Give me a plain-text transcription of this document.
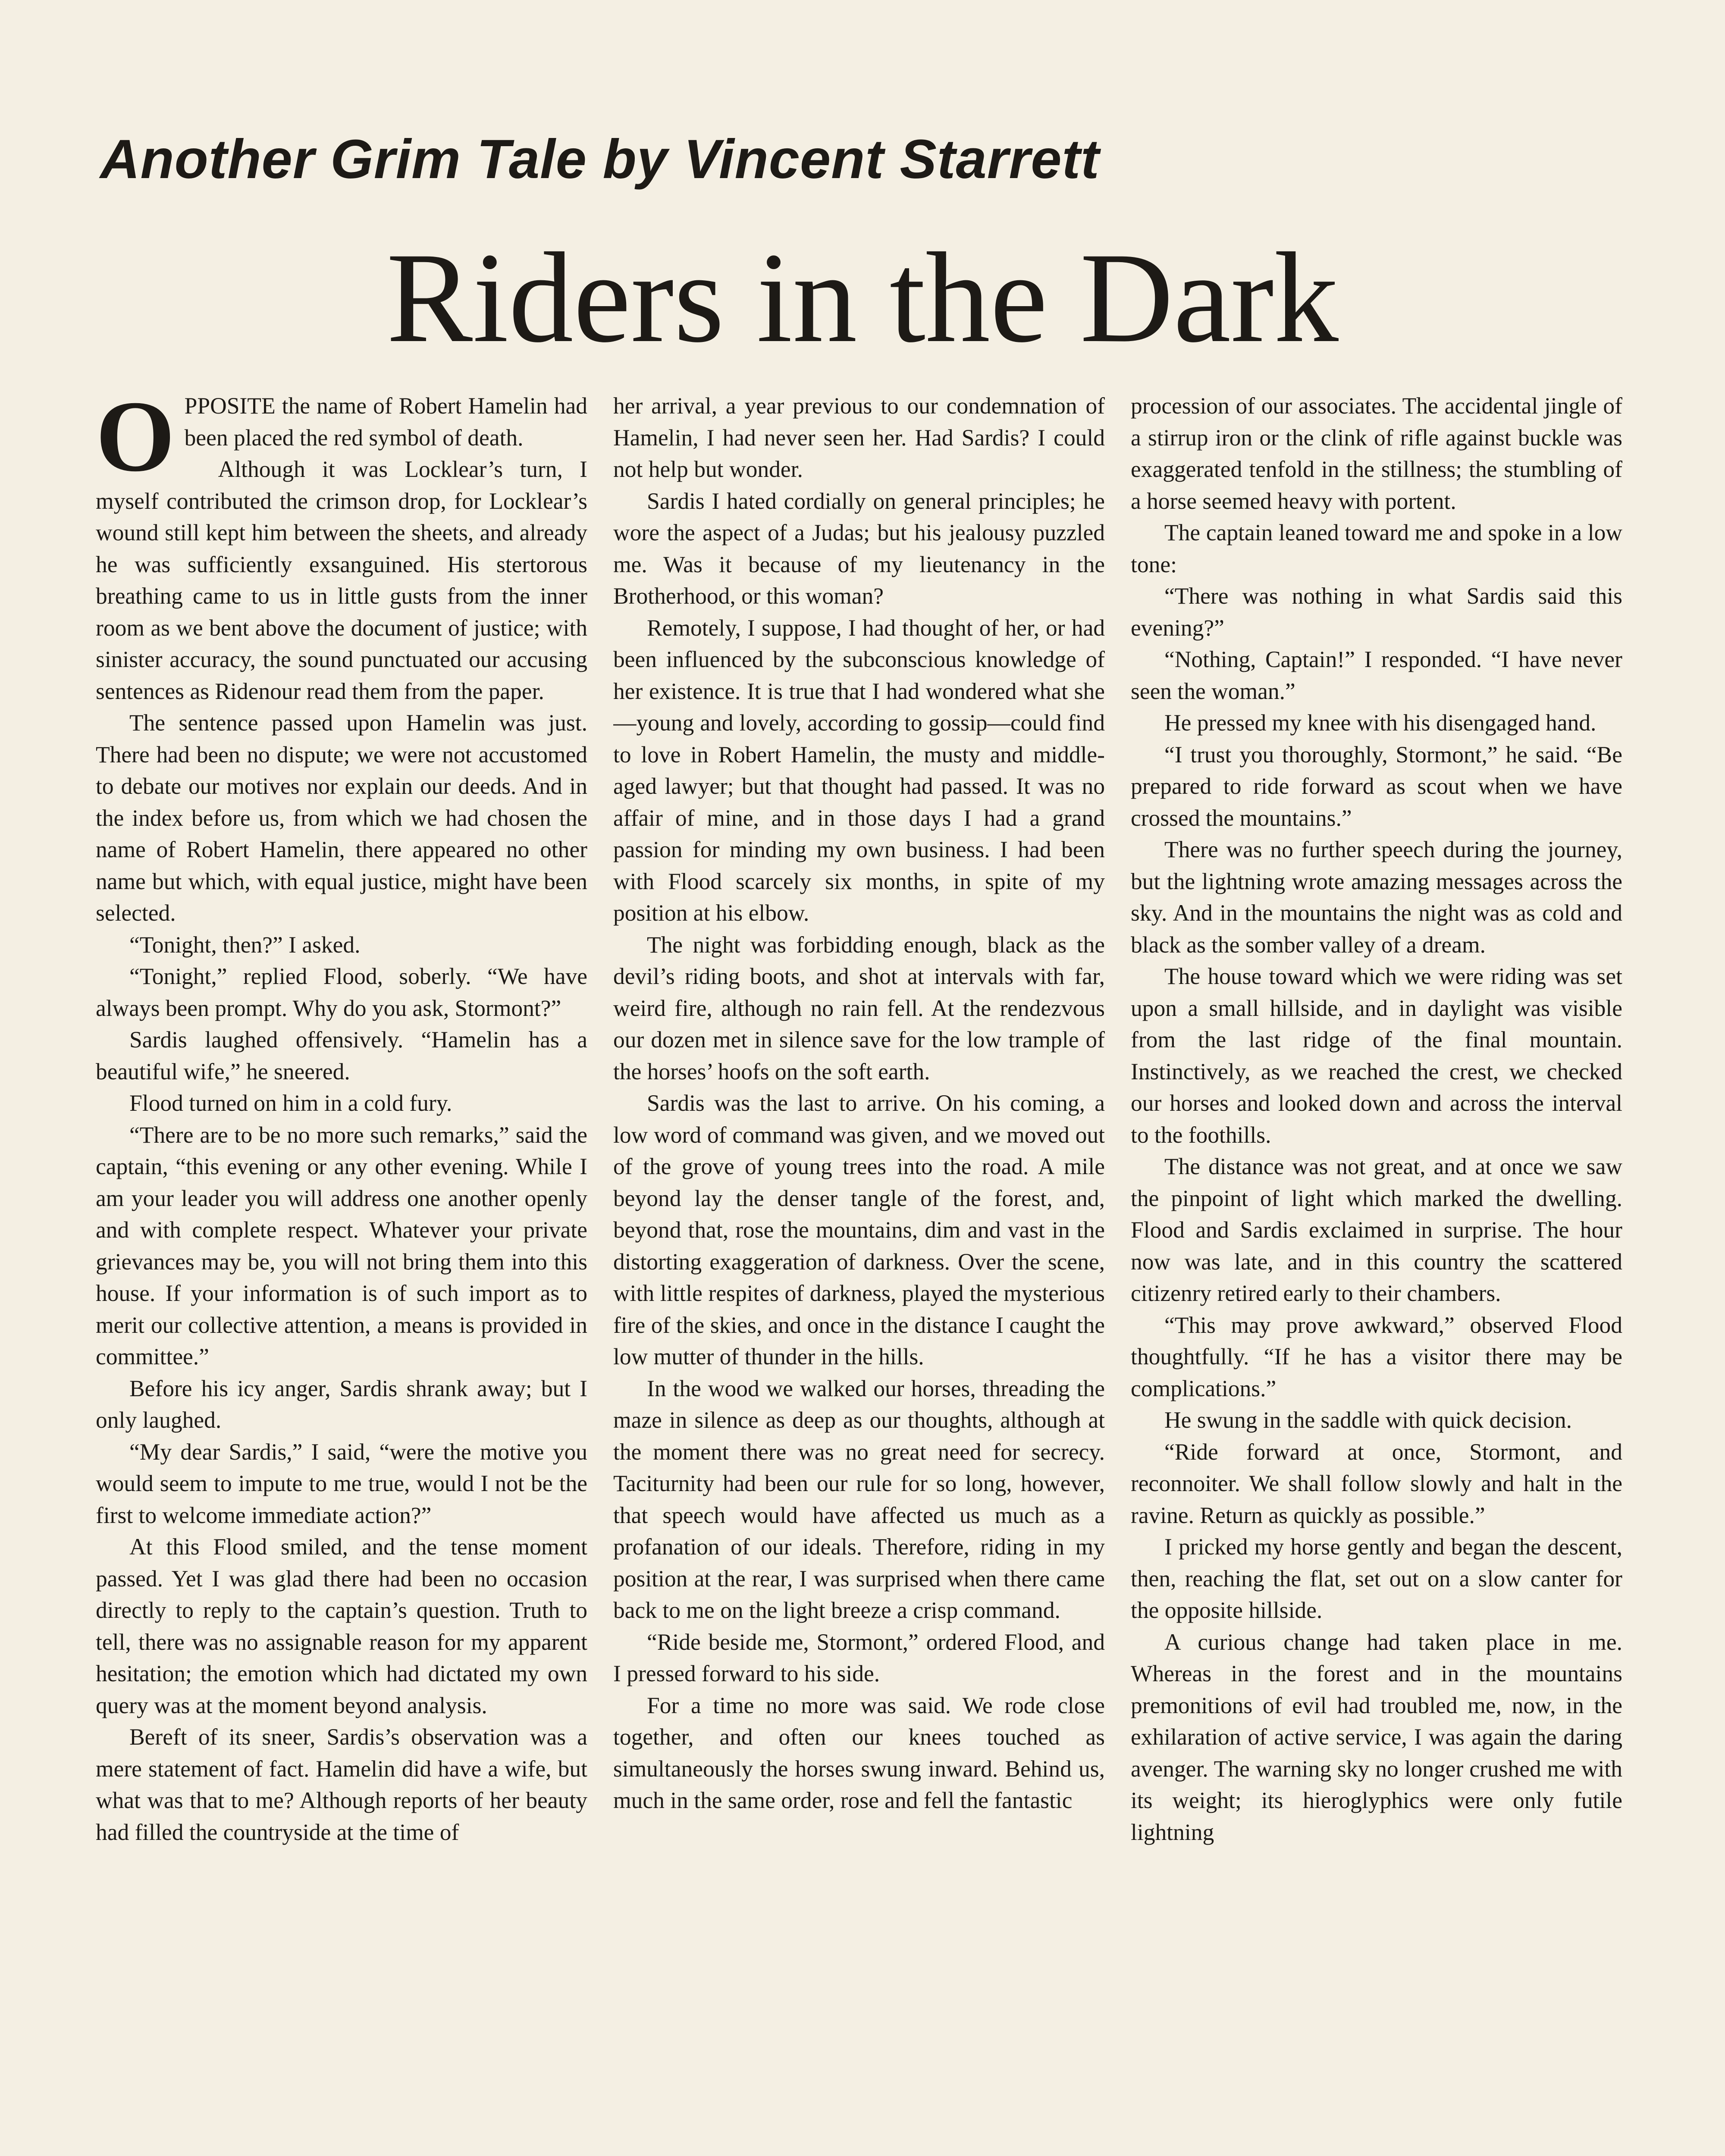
Another Grim Tale by Vincent Starrett
Riders in the Dark

OPPOSITE the name of Robert Hamelin had been placed the red symbol of death.

Although it was Locklear’s turn, I myself contributed the crimson drop, for Locklear’s wound still kept him between the sheets, and already he was sufficiently exsanguined. His stertorous breathing came to us in little gusts from the inner room as we bent above the document of justice; with sinister accuracy, the sound punctuated our accusing sentences as Ridenour read them from the paper.

The sentence passed upon Hamelin was just. There had been no dispute; we were not accustomed to debate our motives nor explain our deeds. And in the index before us, from which we had chosen the name of Robert Hamelin, there appeared no other name but which, with equal justice, might have been selected.

“Tonight, then?” I asked.

“Tonight,” replied Flood, soberly. “We have always been prompt. Why do you ask, Stormont?”

Sardis laughed offensively. “Hamelin has a beautiful wife,” he sneered.

Flood turned on him in a cold fury.

“There are to be no more such remarks,” said the captain, “this evening or any other evening. While I am your leader you will address one another openly and with complete respect. Whatever your private grievances may be, you will not bring them into this house. If your information is of such import as to merit our collective attention, a means is provided in committee.”

Before his icy anger, Sardis shrank away; but I only laughed.

“My dear Sardis,” I said, “were the motive you would seem to impute to me true, would I not be the first to welcome immediate action?”

At this Flood smiled, and the tense moment passed. Yet I was glad there had been no occasion directly to reply to the captain’s question. Truth to tell, there was no assignable reason for my apparent hesitation; the emotion which had dictated my own query was at the moment beyond analysis.

Bereft of its sneer, Sardis’s observation was a mere statement of fact. Hamelin did have a wife, but what was that to me? Although reports of her beauty had filled the countryside at the time of

her arrival, a year previous to our condemnation of Hamelin, I had never seen her. Had Sardis? I could not help but wonder.

Sardis I hated cordially on general principles; he wore the aspect of a Judas; but his jealousy puzzled me. Was it because of my lieutenancy in the Brotherhood, or this woman?

Remotely, I suppose, I had thought of her, or had been influenced by the subconscious knowledge of her existence. It is true that I had wondered what she—young and lovely, according to gossip—could find to love in Robert Hamelin, the musty and middle-aged lawyer; but that thought had passed. It was no affair of mine, and in those days I had a grand passion for minding my own business. I had been with Flood scarcely six months, in spite of my position at his elbow.

The night was forbidding enough, black as the devil’s riding boots, and shot at intervals with far, weird fire, although no rain fell. At the rendezvous our dozen met in silence save for the low trample of the horses’ hoofs on the soft earth.

Sardis was the last to arrive. On his coming, a low word of command was given, and we moved out of the grove of young trees into the road. A mile beyond lay the denser tangle of the forest, and, beyond that, rose the mountains, dim and vast in the distorting exaggeration of darkness. Over the scene, with little respites of darkness, played the mysterious fire of the skies, and once in the distance I caught the low mutter of thunder in the hills.

In the wood we walked our horses, threading the maze in silence as deep as our thoughts, although at the moment there was no great need for secrecy. Taciturnity had been our rule for so long, however, that speech would have affected us much as a profanation of our ideals. Therefore, riding in my position at the rear, I was surprised when there came back to me on the light breeze a crisp command.

“Ride beside me, Stormont,” ordered Flood, and I pressed forward to his side.

For a time no more was said. We rode close together, and often our knees touched as simultaneously the horses swung inward. Behind us, much in the same order, rose and fell the fantastic

procession of our associates. The accidental jingle of a stirrup iron or the clink of rifle against buckle was exaggerated tenfold in the stillness; the stumbling of a horse seemed heavy with portent.

The captain leaned toward me and spoke in a low tone:

“There was nothing in what Sardis said this evening?”

“Nothing, Captain!” I responded. “I have never seen the woman.”

He pressed my knee with his disengaged hand.

“I trust you thoroughly, Stormont,” he said. “Be prepared to ride forward as scout when we have crossed the mountains.”

There was no further speech during the journey, but the lightning wrote amazing messages across the sky. And in the mountains the night was as cold and black as the somber valley of a dream.

The house toward which we were riding was set upon a small hillside, and in daylight was visible from the last ridge of the final mountain. Instinctively, as we reached the crest, we checked our horses and looked down and across the interval to the foothills.

The distance was not great, and at once we saw the pinpoint of light which marked the dwelling. Flood and Sardis exclaimed in surprise. The hour now was late, and in this country the scattered citizenry retired early to their chambers.

“This may prove awkward,” observed Flood thoughtfully. “If he has a visitor there may be complications.”

He swung in the saddle with quick decision.

“Ride forward at once, Stormont, and reconnoiter. We shall follow slowly and halt in the ravine. Return as quickly as possible.”

I pricked my horse gently and began the descent, then, reaching the flat, set out on a slow canter for the opposite hillside.

A curious change had taken place in me. Whereas in the forest and in the mountains premonitions of evil had troubled me, now, in the exhilaration of active service, I was again the daring avenger. The warning sky no longer crushed me with its weight; its hieroglyphics were only futile lightning
